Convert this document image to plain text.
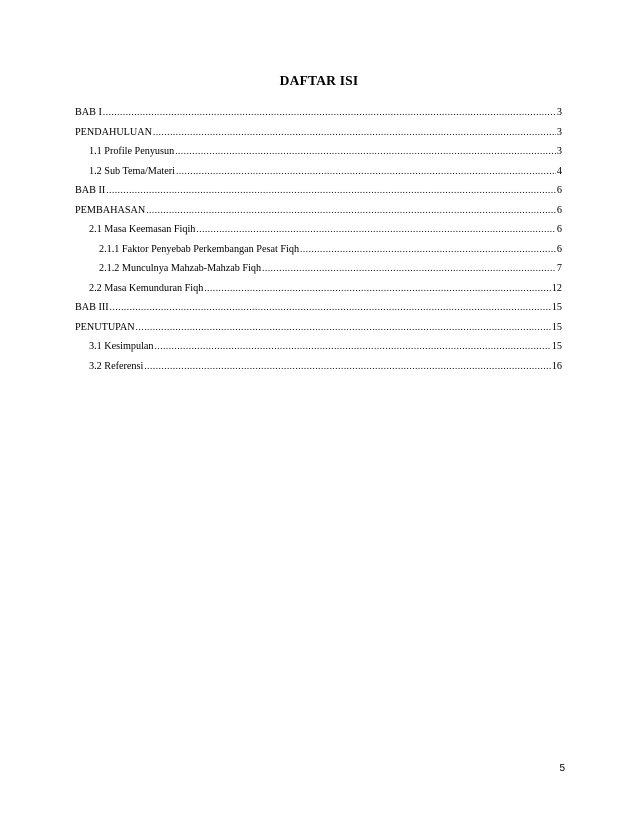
DAFTAR ISI
BAB I .....	3
PENDAHULUAN .....	3
1.1 Profile Penyusun .....	3
1.2 Sub Tema/Materi .....	4
BAB II .....	6
PEMBAHASAN .....	6
2.1 Masa Keemasan Fiqih .....	6
2.1.1 Faktor Penyebab Perkembangan Pesat Fiqh .....	6
2.1.2 Munculnya Mahzab-Mahzab Fiqh .....	7
2.2 Masa Kemunduran Fiqh .....	12
BAB III .....	15
PENUTUPAN .....	15
3.1 Kesimpulan .....	15
3.2 Referensi .....	16
5
